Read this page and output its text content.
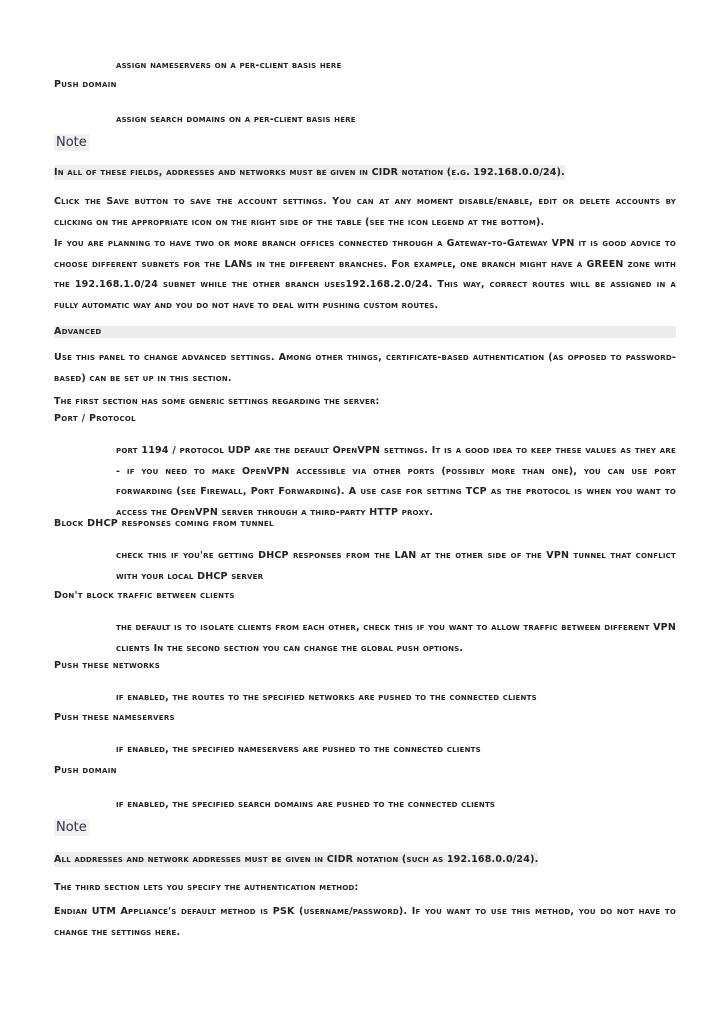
assign nameservers on a per-client basis here
Push domain
assign search domains on a per-client basis here
Note
In all of these fields, addresses and networks must be given in CIDR notation (e.g. 192.168.0.0/24).
Click the Save button to save the account settings. You can at any moment disable/enable, edit or delete accounts by clicking on the appropriate icon on the right side of the table (see the icon legend at the bottom).
If you are planning to have two or more branch offices connected through a Gateway-to-Gateway VPN it is good advice to choose different subnets for the LANs in the different branches. For example, one branch might have a GREEN zone with the 192.168.1.0/24 subnet while the other branch uses192.168.2.0/24. This way, correct routes will be assigned in a fully automatic way and you do not have to deal with pushing custom routes.
Advanced
Use this panel to change advanced settings. Among other things, certificate-based authentication (as opposed to password-based) can be set up in this section.
The first section has some generic settings regarding the server:
Port / Protocol
port 1194 / protocol UDP are the default OpenVPN settings. It is a good idea to keep these values as they are - if you need to make OpenVPN accessible via other ports (possibly more than one), you can use port forwarding (see Firewall, Port Forwarding). A use case for setting TCP as the protocol is when you want to access the OpenVPN server through a third-party HTTP proxy.
Block DHCP responses coming from tunnel
check this if you're getting DHCP responses from the LAN at the other side of the VPN tunnel that conflict with your local DHCP server
Don't block traffic between clients
the default is to isolate clients from each other, check this if you want to allow traffic between different VPN clients In the second section you can change the global push options.
Push these networks
if enabled, the routes to the specified networks are pushed to the connected clients
Push these nameservers
if enabled, the specified nameservers are pushed to the connected clients
Push domain
if enabled, the specified search domains are pushed to the connected clients
Note
All addresses and network addresses must be given in CIDR notation (such as 192.168.0.0/24).
The third section lets you specify the authentication method:
Endian UTM Appliance's default method is PSK (username/password). If you want to use this method, you do not have to change the settings here.
